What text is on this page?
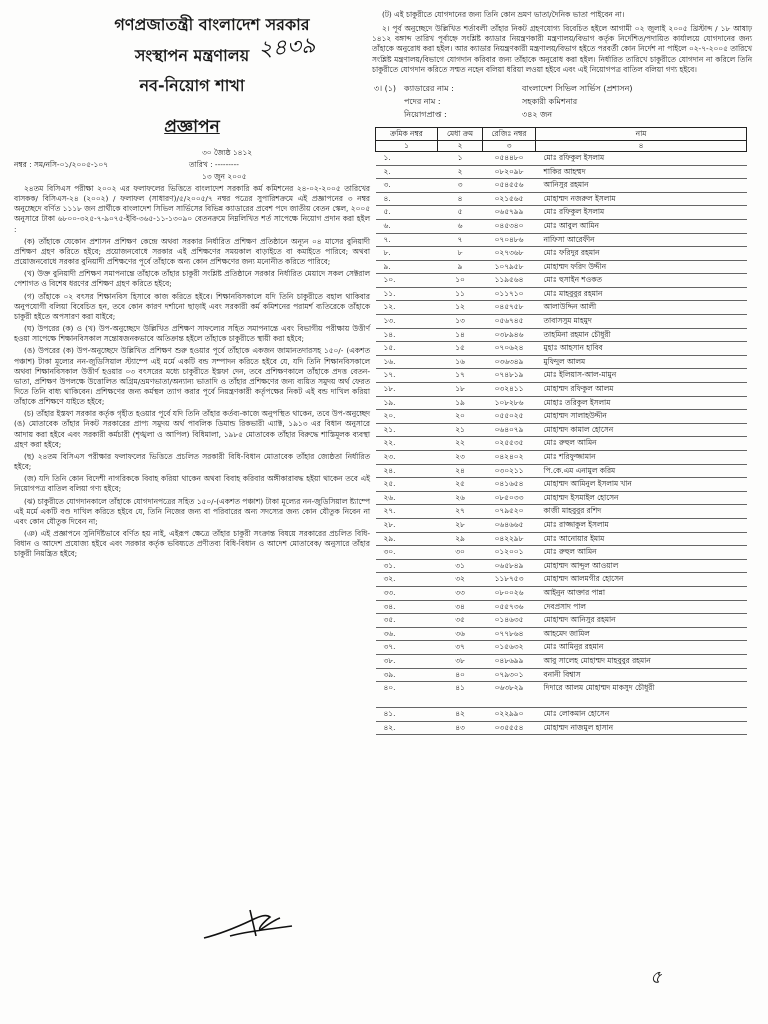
গণপ্রজাতন্ত্রী বাংলাদেশ সরকার
সংস্থাপন মন্ত্রণালয়
নব-নিয়োগ শাখা
প্রজ্ঞাপন
৩০ জ্যৈষ্ঠ ১৪১২
নম্বর : সম/নসি-০১/২০০৫-১০৭	তারিখ : ---------
১৩ জুন ২০০৫

২৪তম বিসিএস পরীক্ষা ২০০২ এর ফলাফলের ভিত্তিতে বাংলাদেশ সরকারি কর্ম কমিশনের ২৪-০২-২০০৫ তারিখের বাসকক/ বিসিএস-২৪ (২০০২) / ফলাফল (সাধারণ)/৫/২০০৫/৭ নম্বর পত্রের সুপারিশক্রমে এই প্রজ্ঞাপনের ৩ নম্বর অনুচ্ছেদে বর্ণিত ১১১৮ জন প্রার্থীকে বাংলাদেশ সিভিল সার্ভিসের বিভিন্ন ক্যাডারের প্রবেশ পদে জাতীয় বেতন স্কেল, ২০০৫ অনুসারে টাকা ৬৮০০-৩২৫-৭-৯০৭৫-ইবি-৩৬৫-১১-১৩০৯০ বেতনক্রমে নিম্নলিখিত শর্ত সাপেক্ষে নিয়োগ প্রদান করা হইল :

(ক) তাঁহাকে যেকোন প্রশাসন প্রশিক্ষণ কেন্দ্রে অথবা সরকার নির্ধারিত প্রশিক্ষণ প্রতিষ্ঠানে অন্যূন ০৪ মাসের বুনিয়াদী প্রশিক্ষণ গ্রহণ করিতে হইবে; প্রয়োজনবোধে সরকার এই প্রশিক্ষণের সময়কাল বাড়াইতে বা কমাইতে পারিবে; অথবা প্রয়োজনবোধে সরকার বুনিয়াদী প্রশিক্ষণের পূর্বে তাঁহাকে অন্য কোন প্রশিক্ষণের জন্য মনোনীত করিতে পারিবে;

(খ) উক্ত বুনিয়াদী প্রশিক্ষণ সমাপনান্তে তাঁহাকে তাঁহার চাকুরী সংশ্লিষ্ট প্রতিষ্ঠানে সরকার নির্ধারিত মেয়াদে সকল সেক্টরাল পেশাগত ও বিশেষ ধরণের প্রশিক্ষণ গ্রহণ করিতে হইবে;

(গ) তাঁহাকে ০২ বৎসর শিক্ষানবিস হিসাবে কাজ করিতে হইবে। শিক্ষানবিসকালে যদি তিনি চাকুরীতে বহাল থাকিবার অনুপযোগী বলিয়া বিবেচিত হন, তবে কোন কারণ দর্শানো ছাড়াই এবং সরকারী কর্ম কমিশনের পরামর্শ ব্যতিরেকে তাঁহাকে চাকুরী হইতে অপসারণ করা যাইবে;

(ঘ) উপরের (ক) ও (খ) উপ-অনুচ্ছেদে উল্লিখিত প্রশিক্ষণ সাফল্যের সহিত সমাপনান্তে এবং বিভাগীয় পরীক্ষায় উত্তীর্ণ হওয়া সাপেক্ষে শিক্ষানবিসকাল সন্তোষজনকভাবে অতিক্রান্ত হইলে তাঁহাকে চাকুরীতে স্থায়ী করা হইবে;

(ঙ) উপরের (ক) উপ-অনুচ্ছেদে উল্লিখিত প্রশিক্ষণ শুরু হওয়ার পূর্বে তাঁহাকে একজন জামানতদারসহ ১৫০/- (একশত পঞ্চাশ) টাকা মূল্যের নন-জুডিসিয়াল স্ট্যাম্পে এই মর্মে একটি বন্ড সম্পাদন করিতে হইবে যে, যদি তিনি শিক্ষানবিসকালে অথবা শিক্ষানবিসকাল উত্তীর্ণ হওয়ার ০৩ বৎসরের মধ্যে চাকুরীতে ইস্তফা দেন, তবে প্রশিক্ষণকালে তাঁহাকে প্রদত্ত বেতন-ভাতা, প্রশিক্ষণ উপলক্ষে উত্তোলিত অগ্রিম/ভ্রমণভাতা/অন্যান্য ভাতাদি ও তাঁহার প্রশিক্ষণের জন্য ব্যয়িত সমুদয় অর্থ ফেরত দিতে তিনি বাধ্য থাকিবেন। প্রশিক্ষণের জন্য কর্মস্থল ত্যাগ করার পূর্বে নিয়ন্ত্রণকারী কর্তৃপক্ষের নিকট এই বন্ড দাখিল করিয়া তাঁহাকে প্রশিক্ষণে যাইতে হইবে;

(চ) তাঁহার ইস্তফা সরকার কর্তৃক গৃহীত হওয়ার পূর্বে যদি তিনি তাঁহার কর্তব্য-কাজে অনুপস্থিত থাকেন, তবে উপ-অনুচ্ছেদ (ঙ) মোতাবেক তাঁহার নিকট সরকারের প্রাপ্য সমুদয় অর্থ পাবলিক ডিমান্ড রিকভারী এ্যাক্ট, ১৯১৩ এর বিধান অনুসারে আদায় করা হইবে এবং সরকারী কর্মচারী (শৃঙ্খলা ও আপিল) বিধিমালা, ১৯৮৫ মোতাবেক তাঁহার বিরুদ্ধে শাস্তিমূলক ব্যবস্থা গ্রহণ করা হইবে;

(ছ) ২৪তম বিসিএস পরীক্ষার ফলাফলের ভিত্তিতে প্রচলিত সরকারী বিধি-বিধান মোতাবেক তাঁহার জ্যেষ্ঠতা নির্ধারিত হইবে;

(জ) যদি তিনি কোন বিদেশী নাগরিককে বিবাহ করিয়া থাকেন অথবা বিবাহ করিবার অঙ্গীকারাবদ্ধ হইয়া থাকেন তবে এই নিয়োগপত্র বাতিল বলিয়া গণ্য হইবে;

(ঝ) চাকুরীতে যোগদানকালে তাঁহাকে যোগদানপত্রের সহিত ১৫০/-(একশত পঞ্চাশ) টাকা মূল্যের নন-জুডিসিয়াল ষ্ট্যাম্পে এই মর্মে একটি বণ্ড দাখিল করিতে হইবে যে, তিনি নিজের জন্য বা পরিবারের অন্য সদস্যের জন্য কোন যৌতুক নিবেন না এবং কোন যৌতুক দিবেন না;

(ঞ) এই প্রজ্ঞাপনে সুনির্দিষ্টভাবে বর্ণিত হয় নাই, এইরূপ ক্ষেত্রে তাঁহার চাকুরী সংক্রান্ত বিষয়ে সরকারের প্রচলিত বিধি-বিধান ও আদেশ প্রযোজ্য হইবে এবং সরকার কর্তৃক ভবিষ্যতে প্রণীতব্য বিধি-বিধান ও আদেশ মোতাবেক/ অনুসারে তাঁহার চাকুরী নিয়ন্ত্রিত হইবে;

২৪৩৯

(ট) এই চাকুরীতে যোগদানের জন্য তিনি কোন ভ্রমণ ভাতা/দৈনিক ভাতা পাইবেন না।

২। পূর্ব অনুচ্ছেদে উল্লিখিত শর্তাবলী তাঁহার নিকট গ্রহণযোগ্য বিবেচিত হইলে আগামী ০২ জুলাই ২০০৫ খ্রিস্টাব্দ / ১৮ আষাঢ় ১৪১২ বঙ্গাব্দ তারিখ পূর্বাহ্নে সংশ্লিষ্ট ক্যাডার নিয়ন্ত্রণকারী মন্ত্রণালয়/বিভাগ কর্তৃক নির্দেশিত/পদায়িত কার্যালয়ে যোগদানের জন্য তাঁহাকে অনুরোধ করা হইল। আর ক্যাডার নিয়ন্ত্রণকারী মন্ত্রণালয়/বিভাগ হইতে পরবর্তী কোন নির্দেশ না পাইলে ০২-৭-২০০৫ তারিখে সংশ্লিষ্ট মন্ত্রণালয়/বিভাগে যোগদান করিবার জন্য তাঁহাকে অনুরোধ করা হইল। নির্ধারিত তারিখে চাকুরীতে যোগদান না করিলে তিনি চাকুরীতে যোগদান করিতে সম্মত নহেন বলিয়া ধরিয়া লওয়া হইবে এবং এই নিয়োগপত্র বাতিল বলিয়া গণ্য হইবে।

৩। (১) ক্যাডারের নাম :	বাংলাদেশ সিভিল সার্ভিস (প্রশাসন)
পদের নাম :	সহকারী কমিশনার
নিয়োগপ্রাপ্ত :	৩৪২ জন
ক্রমিক নম্বর	মেধা ক্রম	রেজিঃ নম্বর	নাম
১	২	৩	৪
১.	১	০৫৪৪৮০	মোঃ রফিকুল ইসলাম
২.	২	০৮২০৯৮	শাকির আহম্মদ
৩.	৩	০৫৪৫৫৬	আনিসুর রহমান
৪.	৪	০২১৫৬৫	মোহাম্মদ নজরুল ইসলাম
৫.	৫	০৬৫৭৯৯	মোঃ রফিকুল ইসলাম
৬.	৬	০৪৫৩৪০	মোঃ আবুল আমিন
৭.	৭	০৭০৪৮৬	নাফিসা আরেফীন
৮.	৮	০২৭৩৬৮	মোঃ ফরিদুর রহমান
৯.	৯	১০৭৯৫৮	মোহাম্মদ ফরিদ উদ্দীন
১০.	১০	১১৯৫৬৪	মোঃ হুসাইন শওকত
১১.	১১	০১১৭১০	মোঃ মাহবুবুর রহমান
১২.	১২	০৪৫৭৫৮	আলাউদ্দিন আলী
১৩.	১৩	০৫৬৭৪৫	তাবাসসুম মাহমুদ
১৪.	১৪	০৩৮৯৪৬	তাহমিনা রহমান চৌধুরী
১৫.	১৫	০৭০৬২৪	মুহাঃ আহসান হাবিব
১৬.	১৬	০৩৬৩৪৯	মুফিদুল আলম
১৭.	১৭	০৭৪৮১৯	মোঃ ইলিয়াস-আল-মামুন
১৮.	১৮	০৩২৪১১	মোহাম্মদ রফিকুল আলম
১৯.	১৯	১০৮২৮৬	মোহাঃ তরিকুল ইসলাম
২০.	২০	০৫৫০২৫	মোহাম্মদ সালাহউদ্দীন
২১.	২১	০৬৪০৭৯	মোহাম্মদ কামাল হোসেন
২২.	২২	০২৫৫৩৫	মোঃ রুহুল আমিন
২৩.	২৩	০৪২৪০২	মোঃ শরিফুজ্জামান
২৪.	২৪	০৩০২১১	পি.কে.এম এনামুল করিম
২৫.	২৫	০৪১৬৫৪	মোহাম্মদ আমিনুল ইসলাম খান
২৬.	২৬	০৮৫০৩৩	মোহাম্মদ ইসমাইল হোসেন
২৭.	২৭	০৭৯৫২০	কাজী মাহবুবুর রশিদ
২৮.	২৮	০৬৪৬৬৫	মোঃ রাজ্জাকুল ইসলাম
২৯.	২৯	০৪২২৯৮	মোঃ আনোয়ার ইমাম
৩০.	৩০	০১২০০১	মোঃ রুহুল আমিন
৩১.	৩১	০৬৫৮৪৯	মোহাম্মদ আব্দুল আওয়াল
৩২.	৩২	১১৮৭৫৩	মোহাম্মদ আলমগীর হোসেন
৩৩.	৩৩	০৮০০২৬	আইনুন আক্তার পান্না
৩৪.	৩৪	০৫৫৭৩৬	দেবপ্রসাদ পাল
৩৫.	৩৫	০১৪৬৩৫	মোহাম্মদ আনিসুর রহমান
৩৬.	৩৬	০৭৭৮৬৪	আহমেদ জামিল
৩৭.	৩৭	০১৫৬৩২	মোঃ আমিনুর রহমান
৩৮.	৩৮	০৪৮৬৯৯	আবু সালেহ মোহাম্মদ মাহবুবুর রহমান
৩৯.	৪০	০৭৯৩০১	বনানী বিশ্বাস
৪০.	৪১	০৬৩৮২৯	দিদারে আলম মোহাম্মদ মাকসুদ চৌধুরী
৪১.	৪২	০২২৯৯০	মোঃ লোকমান হোসেন
৪২.	৪৩	০৩৫৫৫৪	মোহাম্মদ নাজমুল হাসান
৫
